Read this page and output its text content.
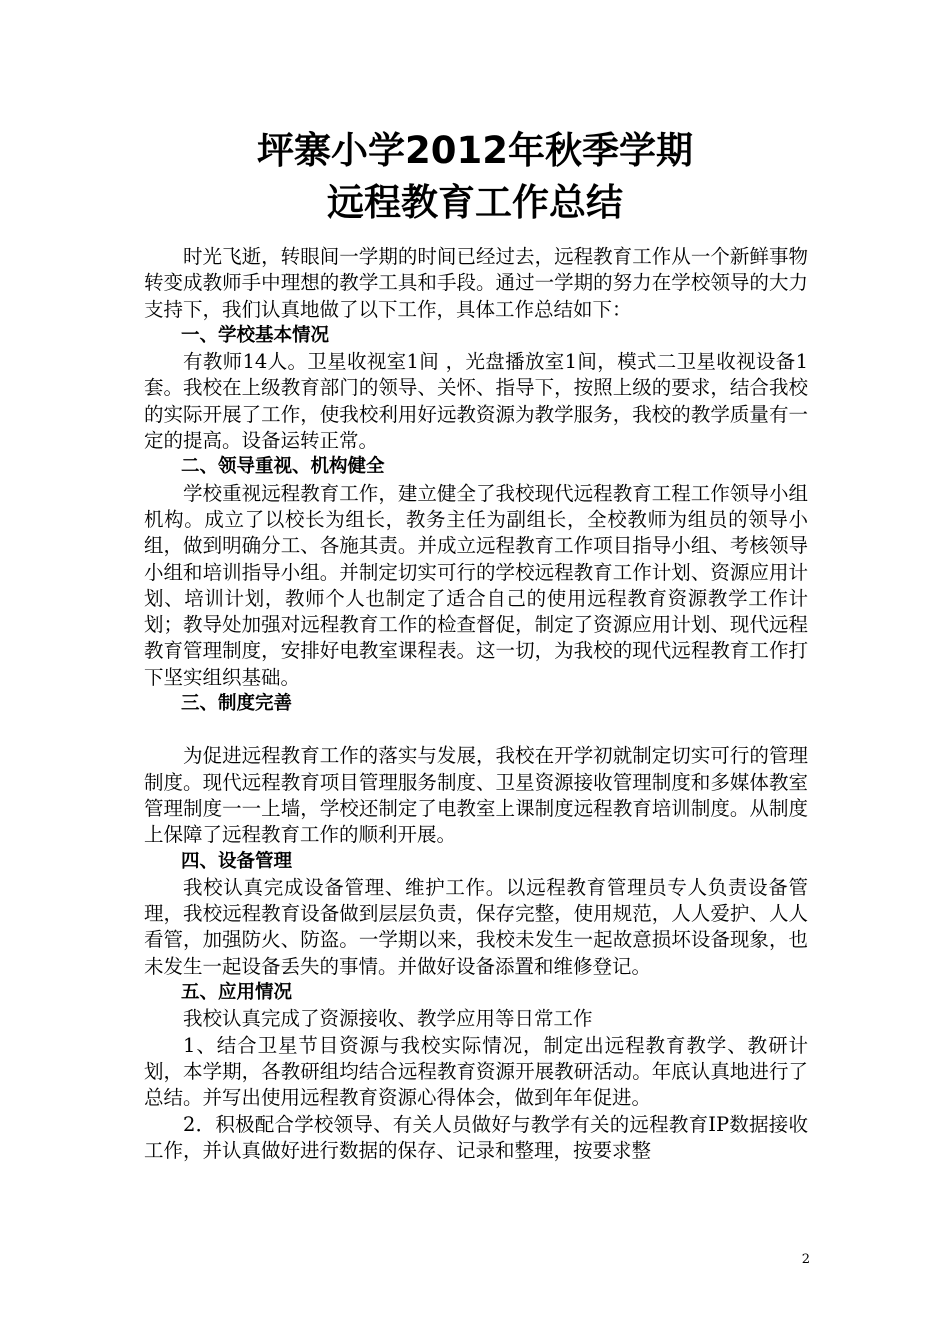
坪寨小学2012年秋季学期
远程教育工作总结

时光飞逝，转眼间一学期的时间已经过去，远程教育工作从一个新鲜事物转变成教师手中理想的教学工具和手段。通过一学期的努力在学校领导的大力支持下，我们认真地做了以下工作，具体工作总结如下：

一、学校基本情况

有教师14人。卫星收视室1间 ，光盘播放室1间，模式二卫星收视设备1套。我校在上级教育部门的领导、关怀、指导下，按照上级的要求，结合我校的实际开展了工作，使我校利用好远教资源为教学服务，我校的教学质量有一定的提高。设备运转正常。

二、领导重视、机构健全

学校重视远程教育工作，建立健全了我校现代远程教育工程工作领导小组机构。成立了以校长为组长，教务主任为副组长，全校教师为组员的领导小组，做到明确分工、各施其责。并成立远程教育工作项目指导小组、考核领导小组和培训指导小组。并制定切实可行的学校远程教育工作计划、资源应用计划、培训计划，教师个人也制定了适合自己的使用远程教育资源教学工作计划；教导处加强对远程教育工作的检查督促，制定了资源应用计划、现代远程教育管理制度，安排好电教室课程表。这一切，为我校的现代远程教育工作打下坚实组织基础。

三、制度完善

为促进远程教育工作的落实与发展，我校在开学初就制定切实可行的管理制度。现代远程教育项目管理服务制度、卫星资源接收管理制度和多媒体教室管理制度一一上墙，学校还制定了电教室上课制度远程教育培训制度。从制度上保障了远程教育工作的顺利开展。

四、设备管理

我校认真完成设备管理、维护工作。以远程教育管理员专人负责设备管理，我校远程教育设备做到层层负责，保存完整，使用规范，人人爱护、人人看管，加强防火、防盗。一学期以来，我校未发生一起故意损坏设备现象，也未发生一起设备丢失的事情。并做好设备添置和维修登记。

五、应用情况

我校认真完成了资源接收、教学应用等日常工作

1、结合卫星节目资源与我校实际情况，制定出远程教育教学、教研计划，本学期，各教研组均结合远程教育资源开展教研活动。年底认真地进行了总结。并写出使用远程教育资源心得体会，做到年年促进。

2．积极配合学校领导、有关人员做好与教学有关的远程教育IP数据接收工作，并认真做好进行数据的保存、记录和整理，按要求整

2
